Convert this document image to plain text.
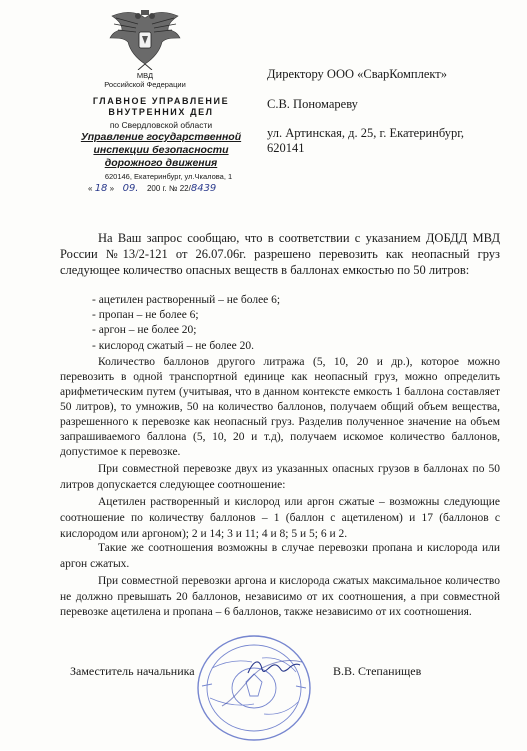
МВД
Российской Федерации
ГЛАВНОЕ УПРАВЛЕНИЕ
ВНУТРЕННИХ ДЕЛ
по Свердловской области
Управление государственной
инспекции безопасности
дорожного движения
620146, Екатеринбург, ул.Чкалова, 1
« 18 » 09. 200 г. № 22/8439
Директору ООО «СварКомплект»
С.В. Пономареву
ул. Артинская, д. 25, г. Екатеринбург,
620141
На Ваш запрос сообщаю, что в соответствии с указанием ДОБДД МВД России №13/2-121 от 26.07.06г. разрешено перевозить как неопасный груз следующее количество опасных веществ в баллонах емкостью по 50 литров:
- ацетилен растворенный – не более 6;
- пропан – не более 6;
- аргон – не более 20;
- кислород сжатый – не более 20.
Количество баллонов другого литража (5, 10, 20 и др.), которое можно перевозить в одной транспортной единице как неопасный груз, можно определить арифметическим путем (учитывая, что в данном контексте емкость 1 баллона составляет 50 литров), то умножив, 50 на количество баллонов, получаем общий объем вещества, разрешенного к перевозке как неопасный груз. Разделив полученное значение на объем запрашиваемого баллона (5, 10, 20 и т.д), получаем искомое количество баллонов, допустимое к перевозке.
При совместной перевозке двух из указанных опасных грузов в баллонах по 50 литров допускается следующее соотношение:
Ацетилен растворенный и кислород или аргон сжатые – возможны следующие соотношение по количеству баллонов – 1 (баллон с ацетиленом) и 17 (баллонов с кислородом или аргоном); 2 и 14; 3 и 11; 4 и 8; 5 и 5; 6 и 2.
Такие же соотношения возможны в случае перевозки пропана и кислорода или аргон сжатых.
При совместной перевозки аргона и кислорода сжатых максимальное количество не должно превышать 20 баллонов, независимо от их соотношения, а при совместной перевозке ацетилена и пропана – 6 баллонов, также независимо от их соотношения.
Заместитель начальника	В.В. Степанищев
